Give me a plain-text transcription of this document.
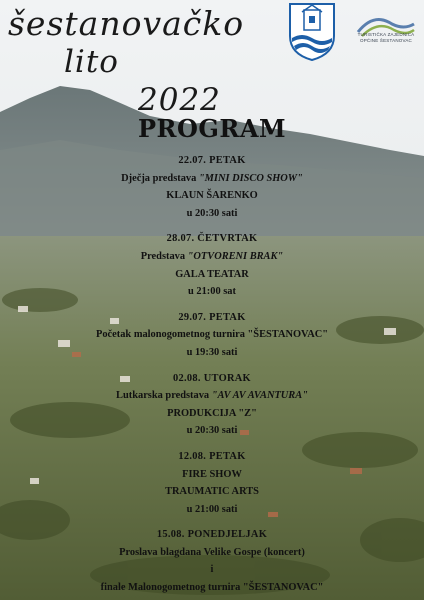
šestanovačko
lito
2022
PROGRAM
TURISTIČKA ZAJEDNICA
OPĆINE ŠESTANOVAC
22.07. PETAK
Dječja predstava "MINI DISCO SHOW"
KLAUN ŠARENKO
u 20:30 sati
28.07. ČETVRTAK
Predstava "OTVORENI BRAK"
GALA TEATAR
u 21:00 sat
29.07. PETAK
Početak malonogometnog turnira "ŠESTANOVAC"
u 19:30 sati
02.08. UTORAK
Lutkarska predstava "AV AV AVANTURA"
PRODUKCIJA "Z"
u 20:30 sati
12.08. PETAK
FIRE SHOW
TRAUMATIC ARTS
u 21:00 sati
15.08. PONEDJELJAK
Proslava blagdana Velike Gospe (koncert)
i
finale Malonogometnog turnira "ŠESTANOVAC"
